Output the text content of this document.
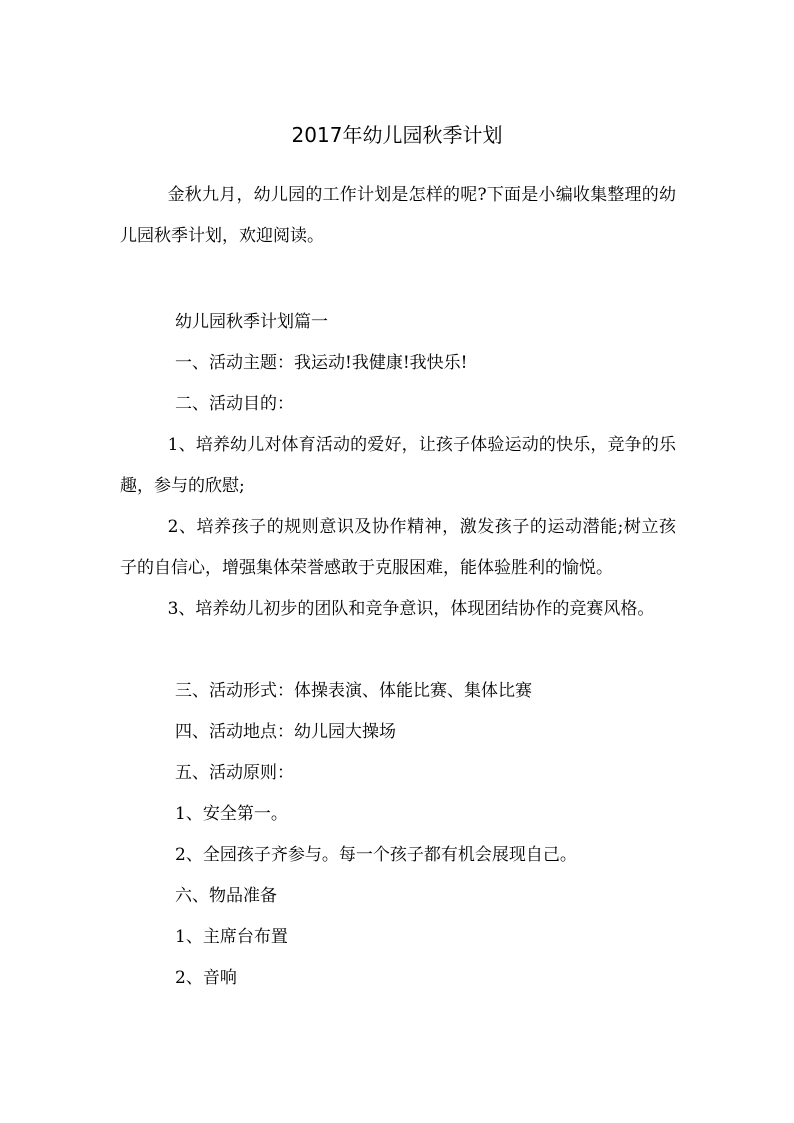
2017年幼儿园秋季计划

金秋九月，幼儿园的工作计划是怎样的呢?下面是小编收集整理的幼儿园秋季计划，欢迎阅读。

幼儿园秋季计划篇一

一、活动主题：我运动!我健康!我快乐!

二、活动目的：

1、培养幼儿对体育活动的爱好，让孩子体验运动的快乐，竞争的乐趣，参与的欣慰;

2、培养孩子的规则意识及协作精神，激发孩子的运动潜能;树立孩子的自信心，增强集体荣誉感敢于克服困难，能体验胜利的愉悦。

3、培养幼儿初步的团队和竞争意识，体现团结协作的竞赛风格。

三、活动形式：体操表演、体能比赛、集体比赛

四、活动地点：幼儿园大操场

五、活动原则：

1、安全第一。

2、全园孩子齐参与。每一个孩子都有机会展现自己。

六、物品准备

1、主席台布置

2、音响
